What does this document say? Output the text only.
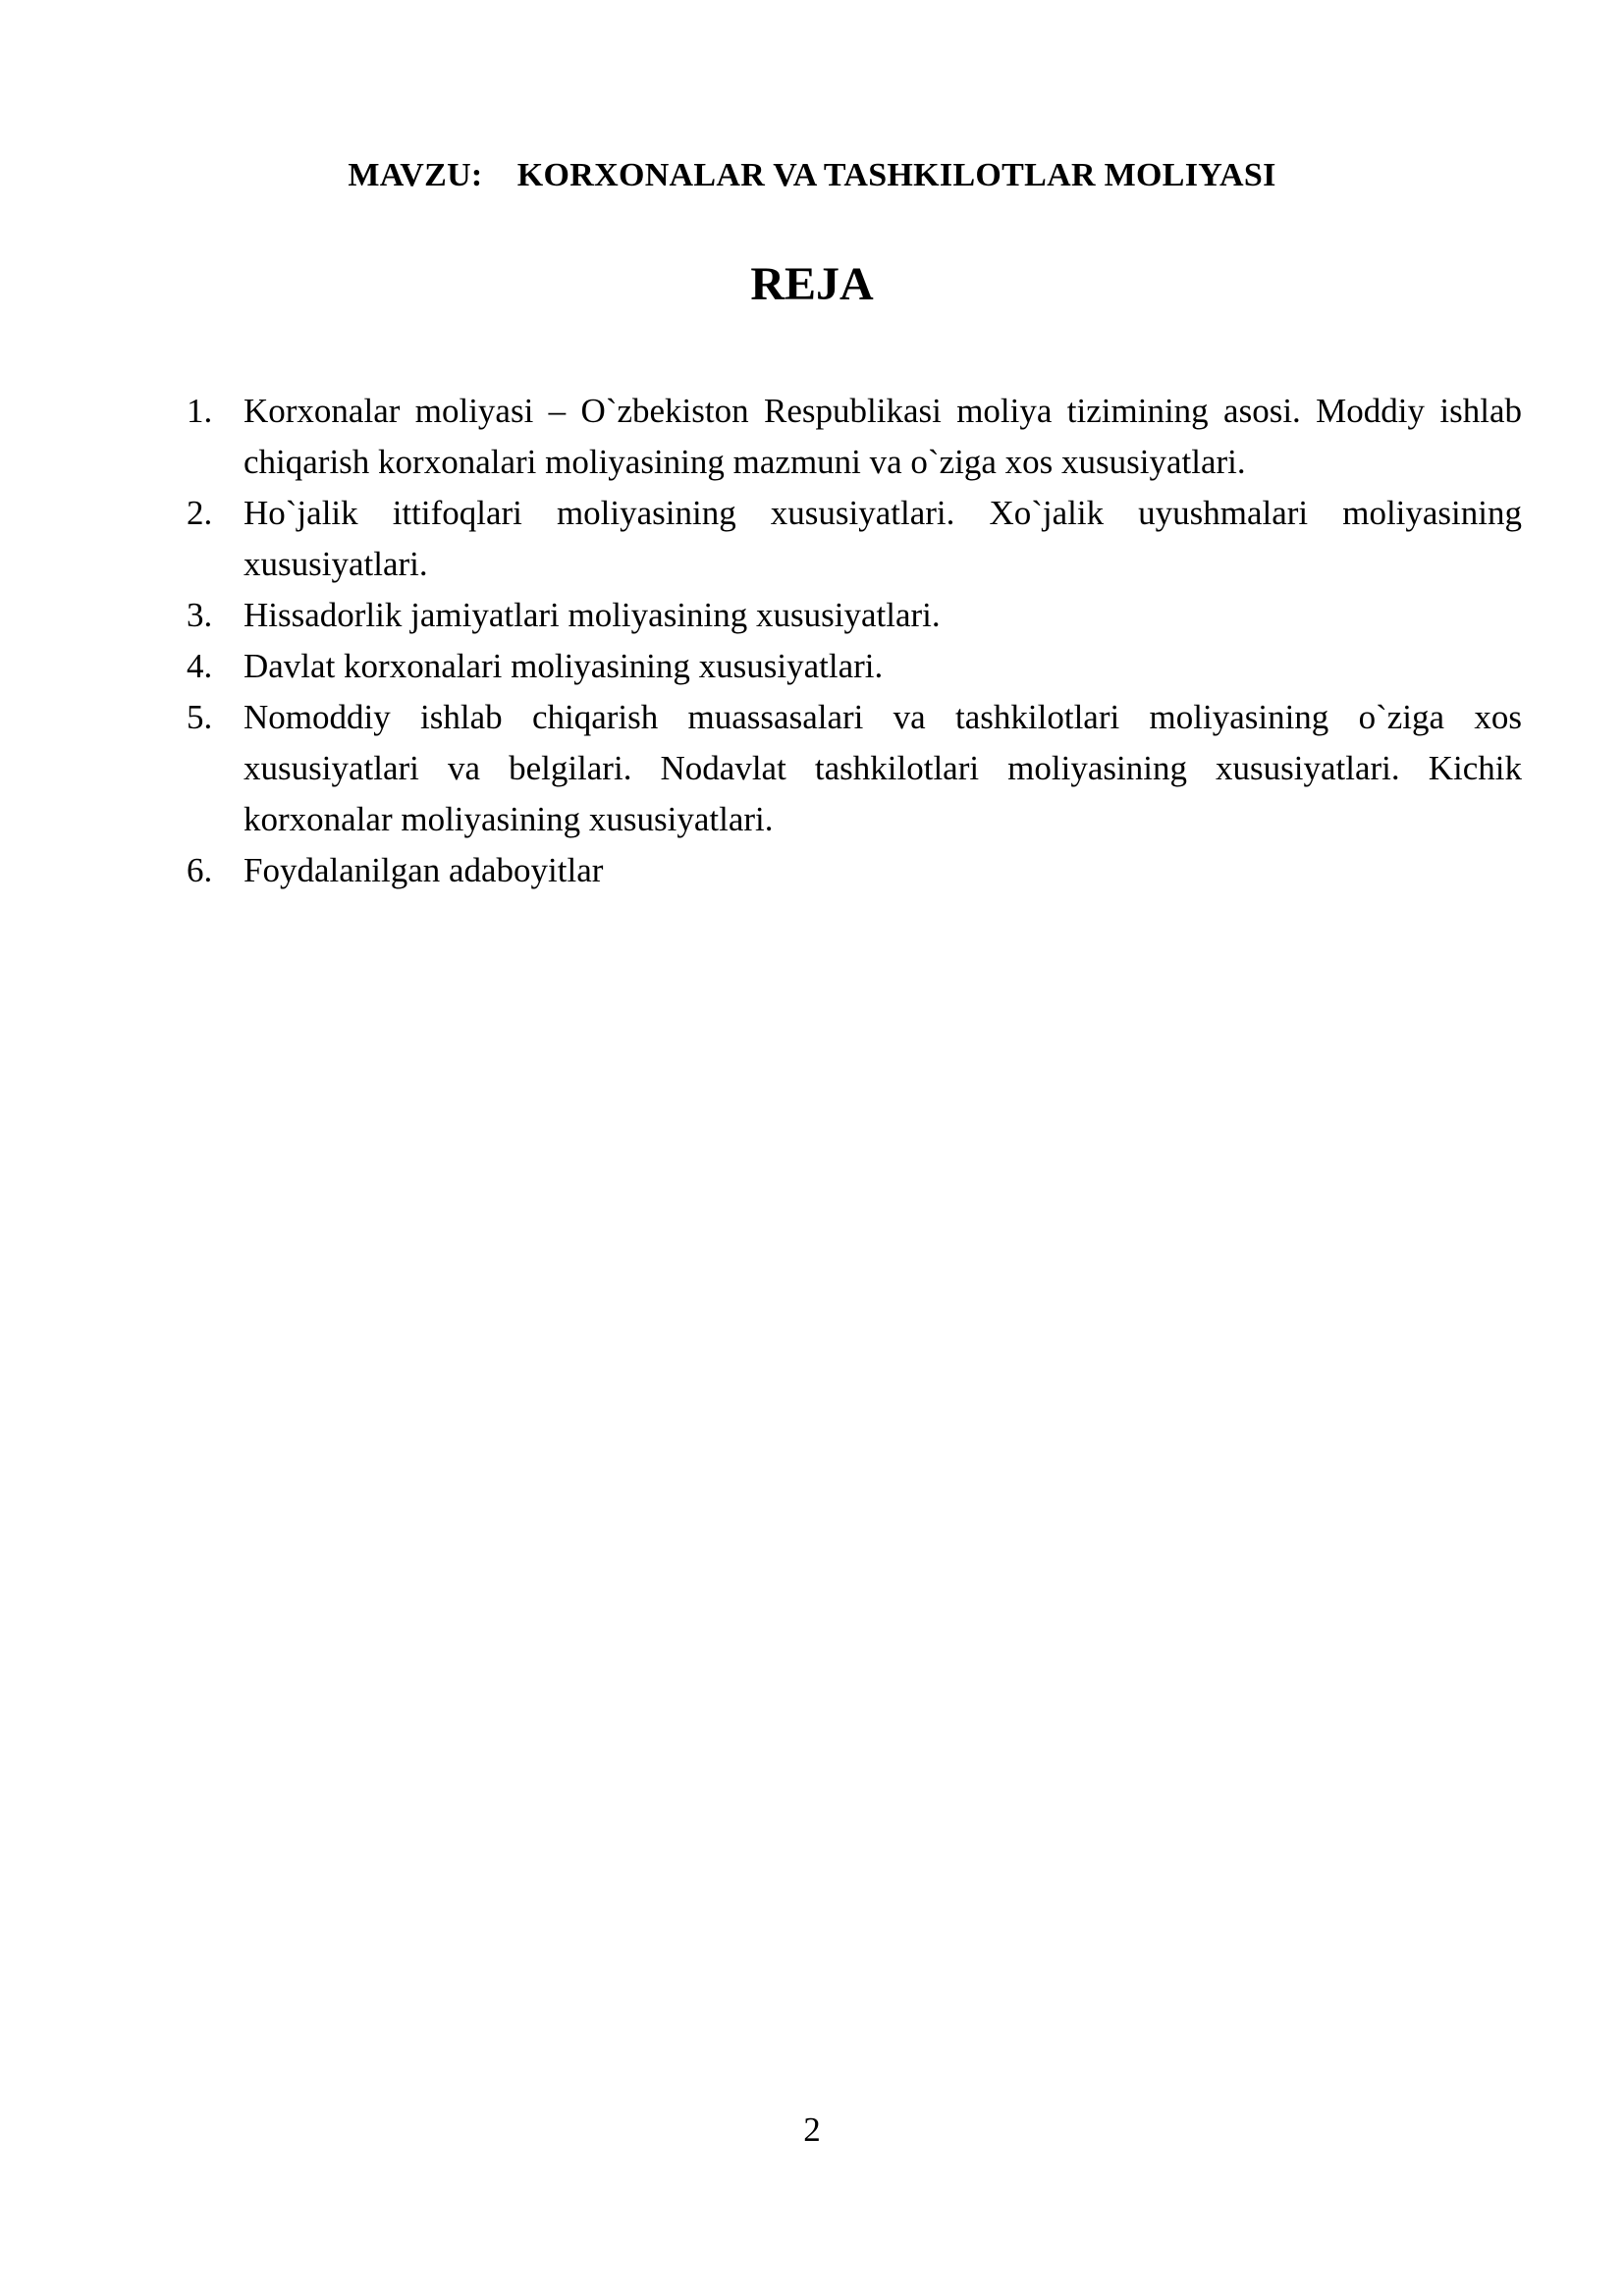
MAVZU:    KORXONALAR VA TASHKILOTLAR MOLIYASI
REJA
1. Korxonalar moliyasi – O`zbekiston Respublikasi moliya tizimining asosi. Moddiy ishlab chiqarish korxonalari moliyasining mazmuni va o`ziga xos xususiyatlari.
2. Ho`jalik ittifoqlari moliyasining xususiyatlari. Xo`jalik uyushmalari moliyasining xususiyatlari.
3. Hissadorlik jamiyatlari moliyasining xususiyatlari.
4. Davlat korxonalari moliyasining xususiyatlari.
5. Nomoddiy ishlab chiqarish muassasalari va tashkilotlari moliyasining o`ziga xos xususiyatlari va belgilari. Nodavlat tashkilotlari moliyasining xususiyatlari. Kichik korxonalar moliyasining xususiyatlari.
6. Foydalanilgan adaboyitlar
2
